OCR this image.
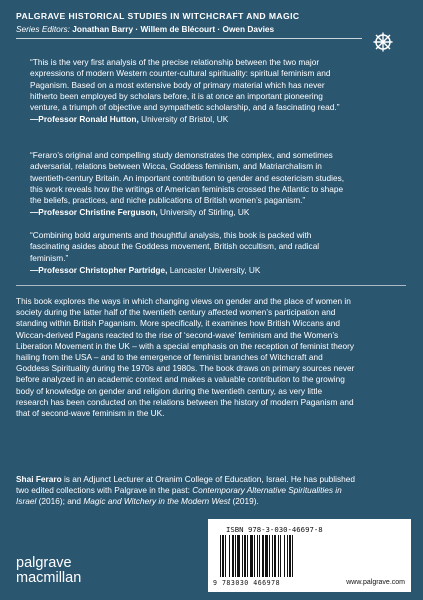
PALGRAVE HISTORICAL STUDIES IN WITCHCRAFT AND MAGIC
Series Editors: Jonathan Barry · Willem de Blécourt · Owen Davies

“This is the very first analysis of the precise relationship between the two major expressions of modern Western counter-cultural spirituality: spiritual feminism and Paganism. Based on a most extensive body of primary material which has never hitherto been employed by scholars before, it is at once an important pioneering venture, a triumph of objective and sympathetic scholarship, and a fascinating read.”

—Professor Ronald Hutton, University of Bristol, UK

“Feraro’s original and compelling study demonstrates the complex, and sometimes adversarial, relations between Wicca, Goddess feminism, and Matriarchalism in twentieth-century Britain. An important contribution to gender and esotericism studies, this work reveals how the writings of American feminists crossed the Atlantic to shape the beliefs, practices, and niche publications of British women’s paganism.”

—Professor Christine Ferguson, University of Stirling, UK

“Combining bold arguments and thoughtful analysis, this book is packed with fascinating asides about the Goddess movement, British occultism, and radical feminism.”

—Professor Christopher Partridge, Lancaster University, UK

This book explores the ways in which changing views on gender and the place of women in society during the latter half of the twentieth century affected women’s participation and standing within British Paganism. More specifically, it examines how British Wiccans and Wiccan-derived Pagans reacted to the rise of ‘second-wave’ feminism and the Women’s Liberation Movement in the UK – with a special emphasis on the reception of feminist theory hailing from the USA – and to the emergence of feminist branches of Witchcraft and Goddess Spirituality during the 1970s and 1980s. The book draws on primary sources never before analyzed in an academic context and makes a valuable contribution to the growing body of knowledge on gender and religion during the twentieth century, as very little research has been conducted on the relations between the history of modern Paganism and that of second-wave feminism in the UK.

Shai Feraro is an Adjunct Lecturer at Oranim College of Education, Israel. He has published two edited collections with Palgrave in the past: Contemporary Alternative Spiritualities in Israel (2016); and Magic and Witchery in the Modern West (2019).

ISBN 978-3-030-46697-8
9 783030 466978	www.palgrave.com
palgrave
macmillan
